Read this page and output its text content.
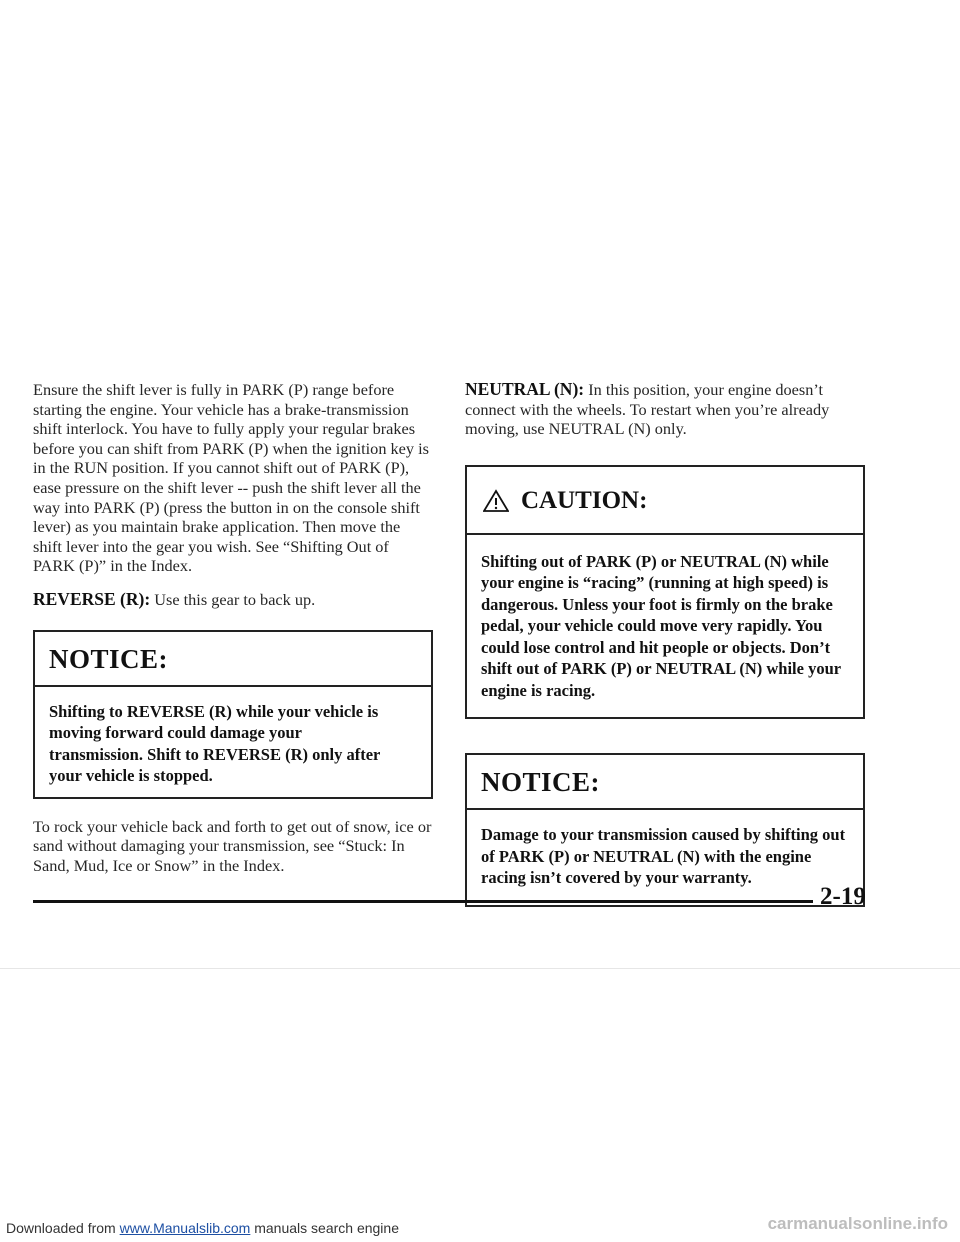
Ensure the shift lever is fully in PARK (P) range before starting the engine. Your vehicle has a brake-transmission shift interlock. You have to fully apply your regular brakes before you can shift from PARK (P) when the ignition key is in the RUN position. If you cannot shift out of PARK (P), ease pressure on the shift lever -- push the shift lever all the way into PARK (P) (press the button in on the console shift lever) as you maintain brake application. Then move the shift lever into the gear you wish. See “Shifting Out of PARK (P)” in the Index.

REVERSE (R): Use this gear to back up.

NOTICE:
Shifting to REVERSE (R) while your vehicle is moving forward could damage your transmission. Shift to REVERSE (R) only after your vehicle is stopped.

To rock your vehicle back and forth to get out of snow, ice or sand without damaging your transmission, see “Stuck: In Sand, Mud, Ice or Snow” in the Index.

NEUTRAL (N): In this position, your engine doesn’t connect with the wheels. To restart when you’re already moving, use NEUTRAL (N) only.

CAUTION:
Shifting out of PARK (P) or NEUTRAL (N) while your engine is “racing” (running at high speed) is dangerous. Unless your foot is firmly on the brake pedal, your vehicle could move very rapidly. You could lose control and hit people or objects. Don’t shift out of PARK (P) or NEUTRAL (N) while your engine is racing.
NOTICE:
Damage to your transmission caused by shifting out of PARK (P) or NEUTRAL (N) with the engine racing isn’t covered by your warranty.
2-19
Downloaded from www.Manualslib.com manuals search engine	carmanualsonline.info
